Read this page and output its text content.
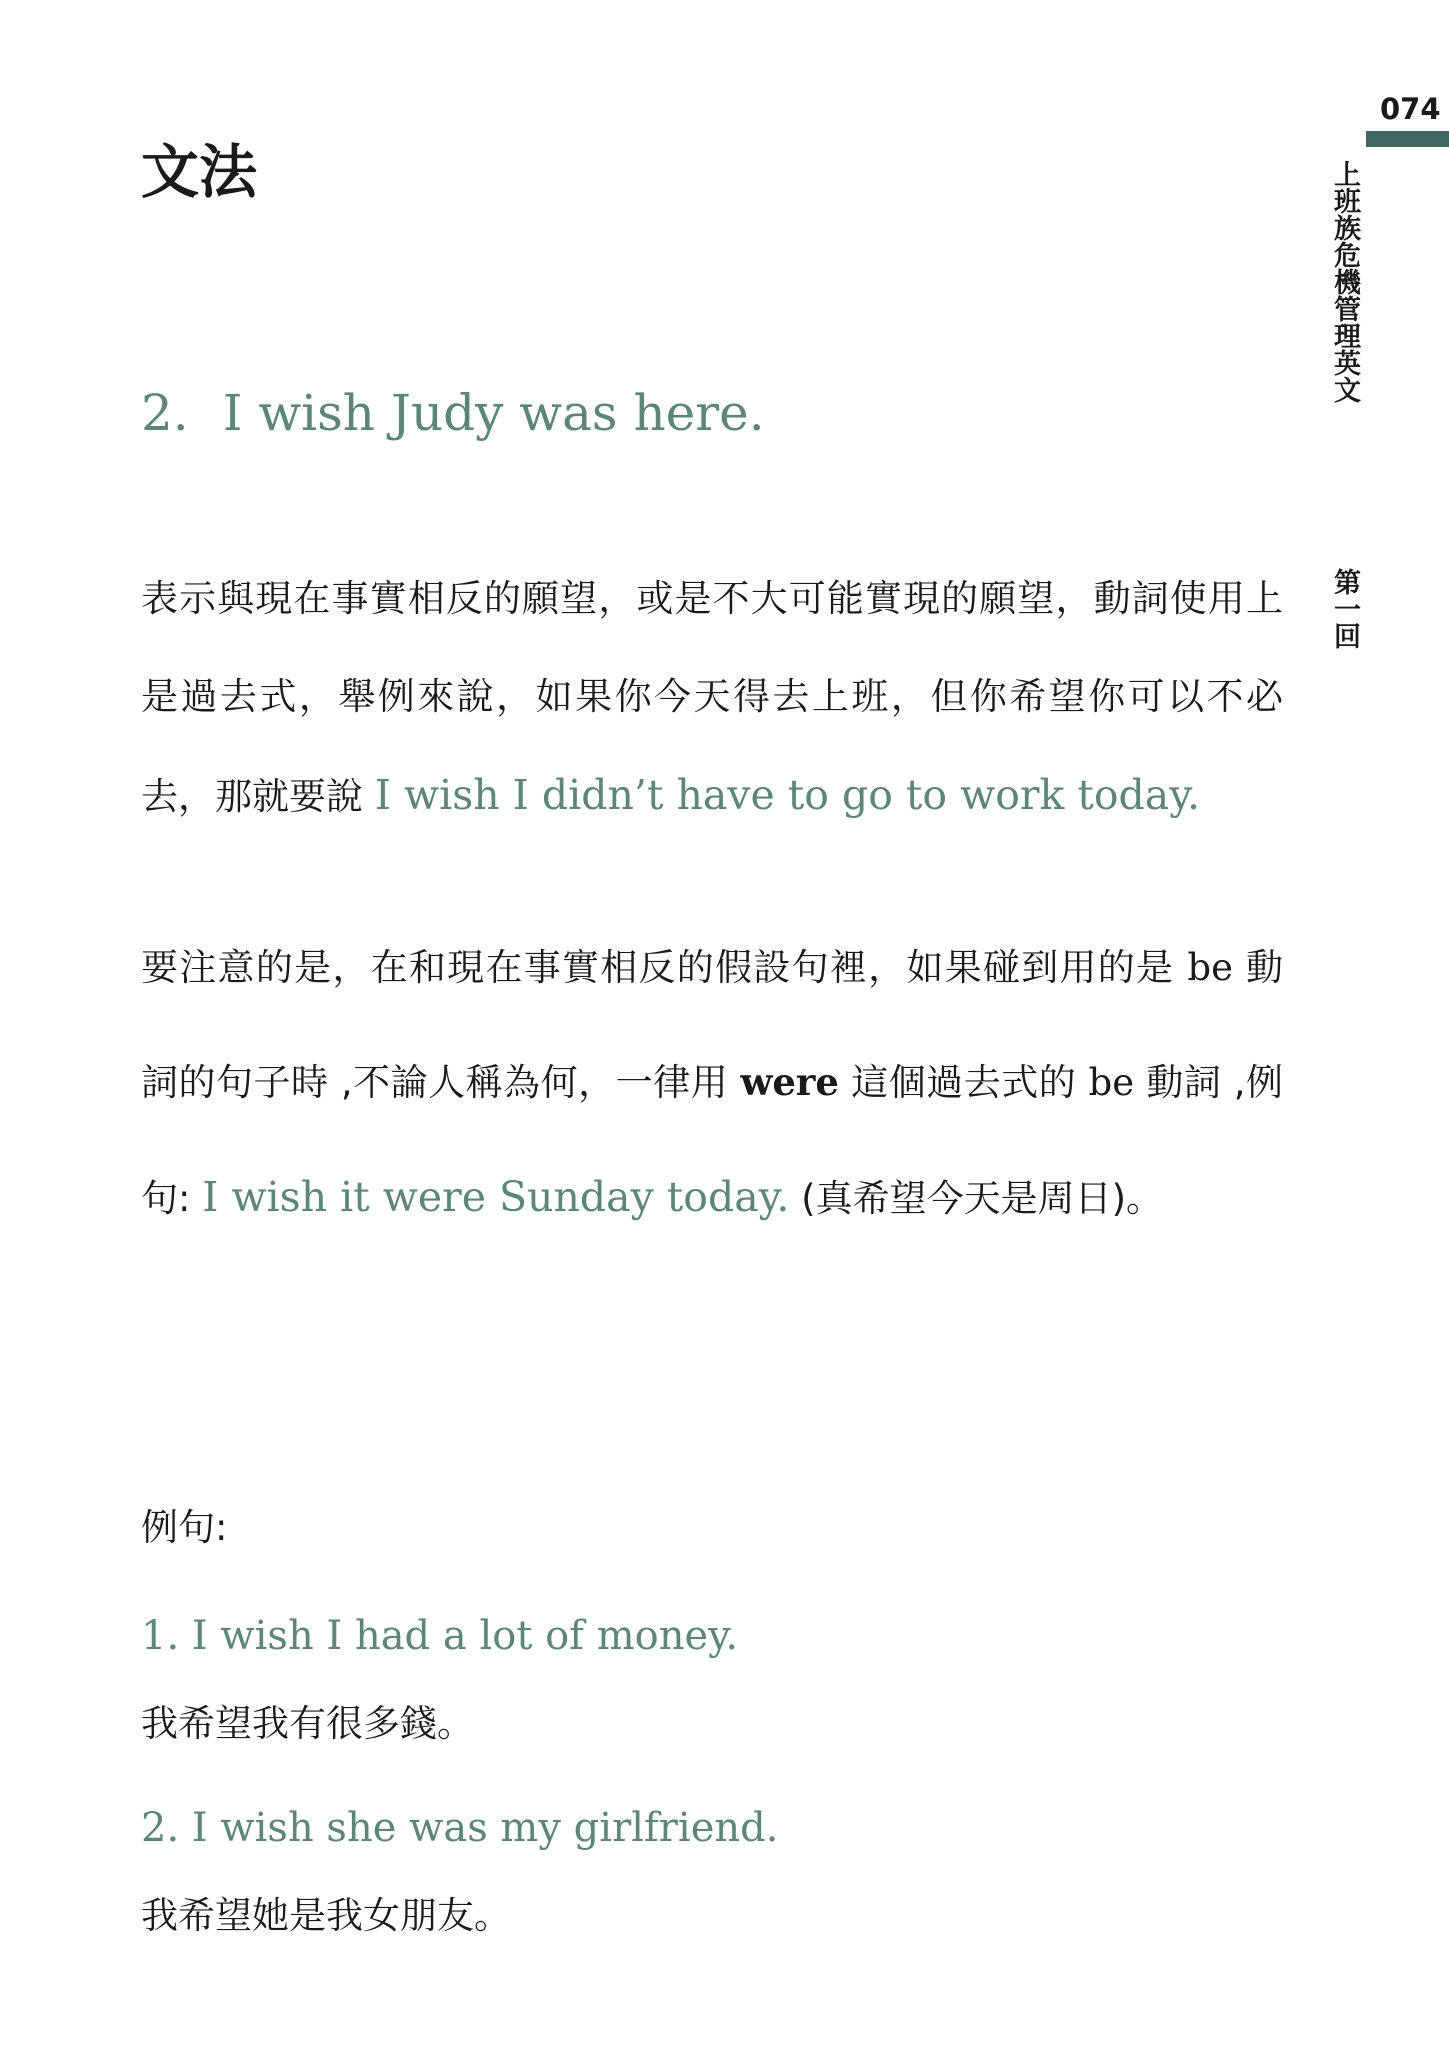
074
上班族危機管理英文
第一回
文法
2. I wish Judy was here.

表示與現在事實相反的願望，或是不大可能實現的願望，動詞使用上是過去式，舉例來說，如果你今天得去上班，但你希望你可以不必去，那就要說 I wish I didn’t have to go to work today.

要注意的是，在和現在事實相反的假設句裡，如果碰到用的是 be 動詞的句子時 ,不論人稱為何，一律用 were 這個過去式的 be 動詞 ,例句: I wish it were Sunday today. (真希望今天是周日)。

例句:

1. I wish I had a lot of money.

我希望我有很多錢。

2. I wish she was my girlfriend.

我希望她是我女朋友。
